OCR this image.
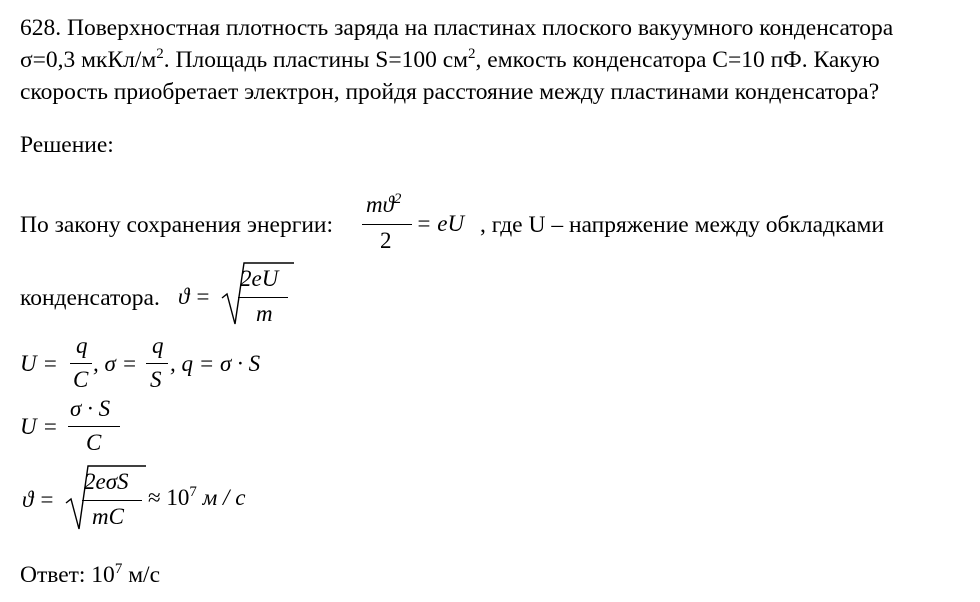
628. Поверхностная плотность заряда на пластинах плоского вакуумного конденсатора
σ=0,3 мкКл/$м^2$. Площадь пластины S=100 $см^2$, емкость конденсатора C=10 пФ. Какую
скорость приобретает электрон, пройдя расстояние между пластинами конденсатора?
Решение:
По закону сохранения энергии:
$mϑ^2$
2
= eU , где U – напряжение между обкладками
конденсатора. ϑ =
2eU
m
U =
q
C
, σ =
q
S
, q = σ · S
U =
σ · S
C
ϑ =
2eσS
mC
≈ $10^7$ м / с
Ответ: $10^7$ м/с
